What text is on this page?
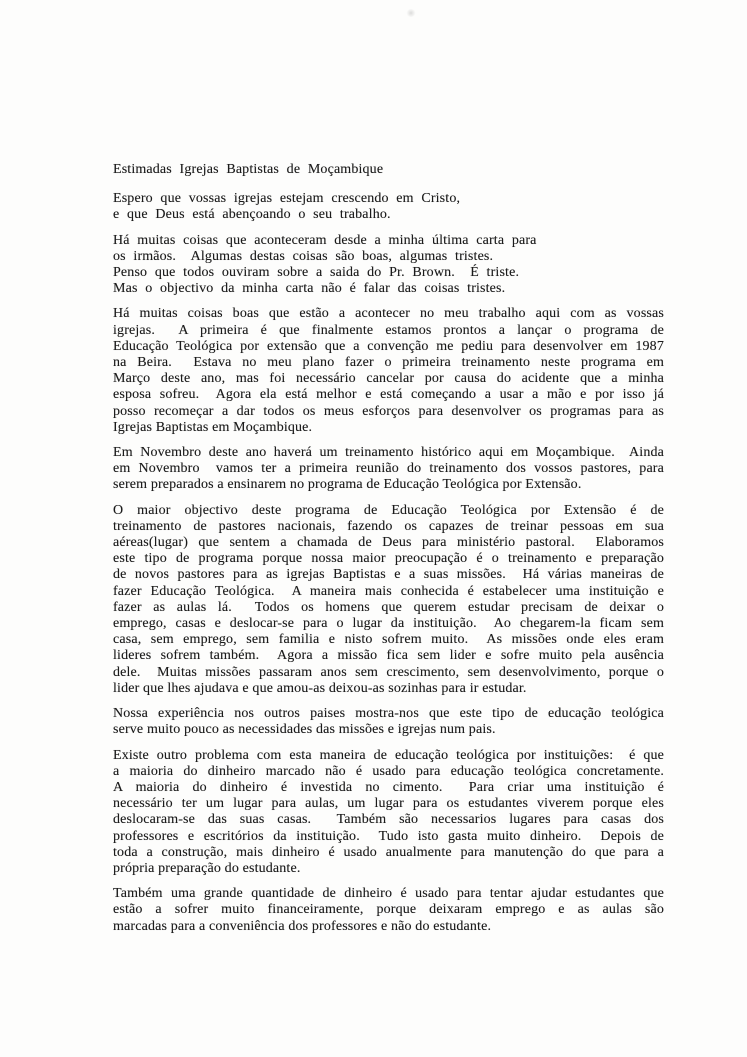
Estimadas Igrejas Baptistas de Moçambique
Espero que vossas igrejas estejam crescendo em Cristo,
e que Deus está abençoando o seu trabalho.
Há muitas coisas que aconteceram desde a minha última carta para
os irmãos.  Algumas destas coisas são boas, algumas tristes.
Penso que todos ouviram sobre a saida do Pr. Brown.  É triste.
Mas o objectivo da minha carta não é falar das coisas tristes.
Há muitas coisas boas que estão a acontecer no meu trabalho aqui com as vossas
igrejas.  A primeira é que finalmente estamos prontos a lançar o programa de
Educação Teológica por extensão que a convenção me pediu para desenvolver em 1987
na Beira.  Estava no meu plano fazer o primeira treinamento neste programa em
Março deste ano, mas foi necessário cancelar por causa do acidente que a minha
esposa sofreu.  Agora ela está melhor e está começando a usar a mão e por isso já
posso recomeçar a dar todos os meus esforços para desenvolver os programas para as
Igrejas Baptistas em Moçambique.
Em Novembro deste ano haverá um treinamento histórico aqui em Moçambique.  Ainda
em Novembro  vamos ter a primeira reunião do treinamento dos vossos pastores, para
serem preparados a ensinarem no programa de Educação Teológica por Extensão.
O maior objectivo deste programa de Educação Teológica por Extensão é de
treinamento de pastores nacionais, fazendo os capazes de treinar pessoas em sua
aéreas(lugar) que sentem a chamada de Deus para ministério pastoral.  Elaboramos
este tipo de programa porque nossa maior preocupação é o treinamento e preparação
de novos pastores para as igrejas Baptistas e a suas missões.  Há várias maneiras de
fazer Educação Teológica.  A maneira mais conhecida é estabelecer uma instituição e
fazer as aulas lá.  Todos os homens que querem estudar precisam de deixar o
emprego, casas e deslocar-se para o lugar da instituição.  Ao chegarem-la ficam sem
casa, sem emprego, sem familia e nisto sofrem muito.  As missões onde eles eram
lideres sofrem também.  Agora a missão fica sem lider e sofre muito pela ausência
dele.  Muitas missões passaram anos sem crescimento, sem desenvolvimento, porque o
lider que lhes ajudava e que amou-as deixou-as sozinhas para ir estudar.
Nossa experiência nos outros paises mostra-nos que este tipo de educação teológica
serve muito pouco as necessidades das missões e igrejas num pais.
Existe outro problema com esta maneira de educação teológica por instituições:  é que
a maioria do dinheiro marcado não é usado para educação teológica concretamente.
A maioria do dinheiro é investida no cimento.  Para criar uma instituição é
necessário ter um lugar para aulas, um lugar para os estudantes viverem porque eles
deslocaram-se das suas casas.  Também são necessarios lugares para casas dos
professores e escritórios da instituição.  Tudo isto gasta muito dinheiro.  Depois de
toda a construção, mais dinheiro é usado anualmente para manutenção do que para a
própria preparação do estudante.
Também uma grande quantidade de dinheiro é usado para tentar ajudar estudantes que
estão a sofrer muito financeiramente, porque deixaram emprego e as aulas são
marcadas para a conveniência dos professores e não do estudante.
